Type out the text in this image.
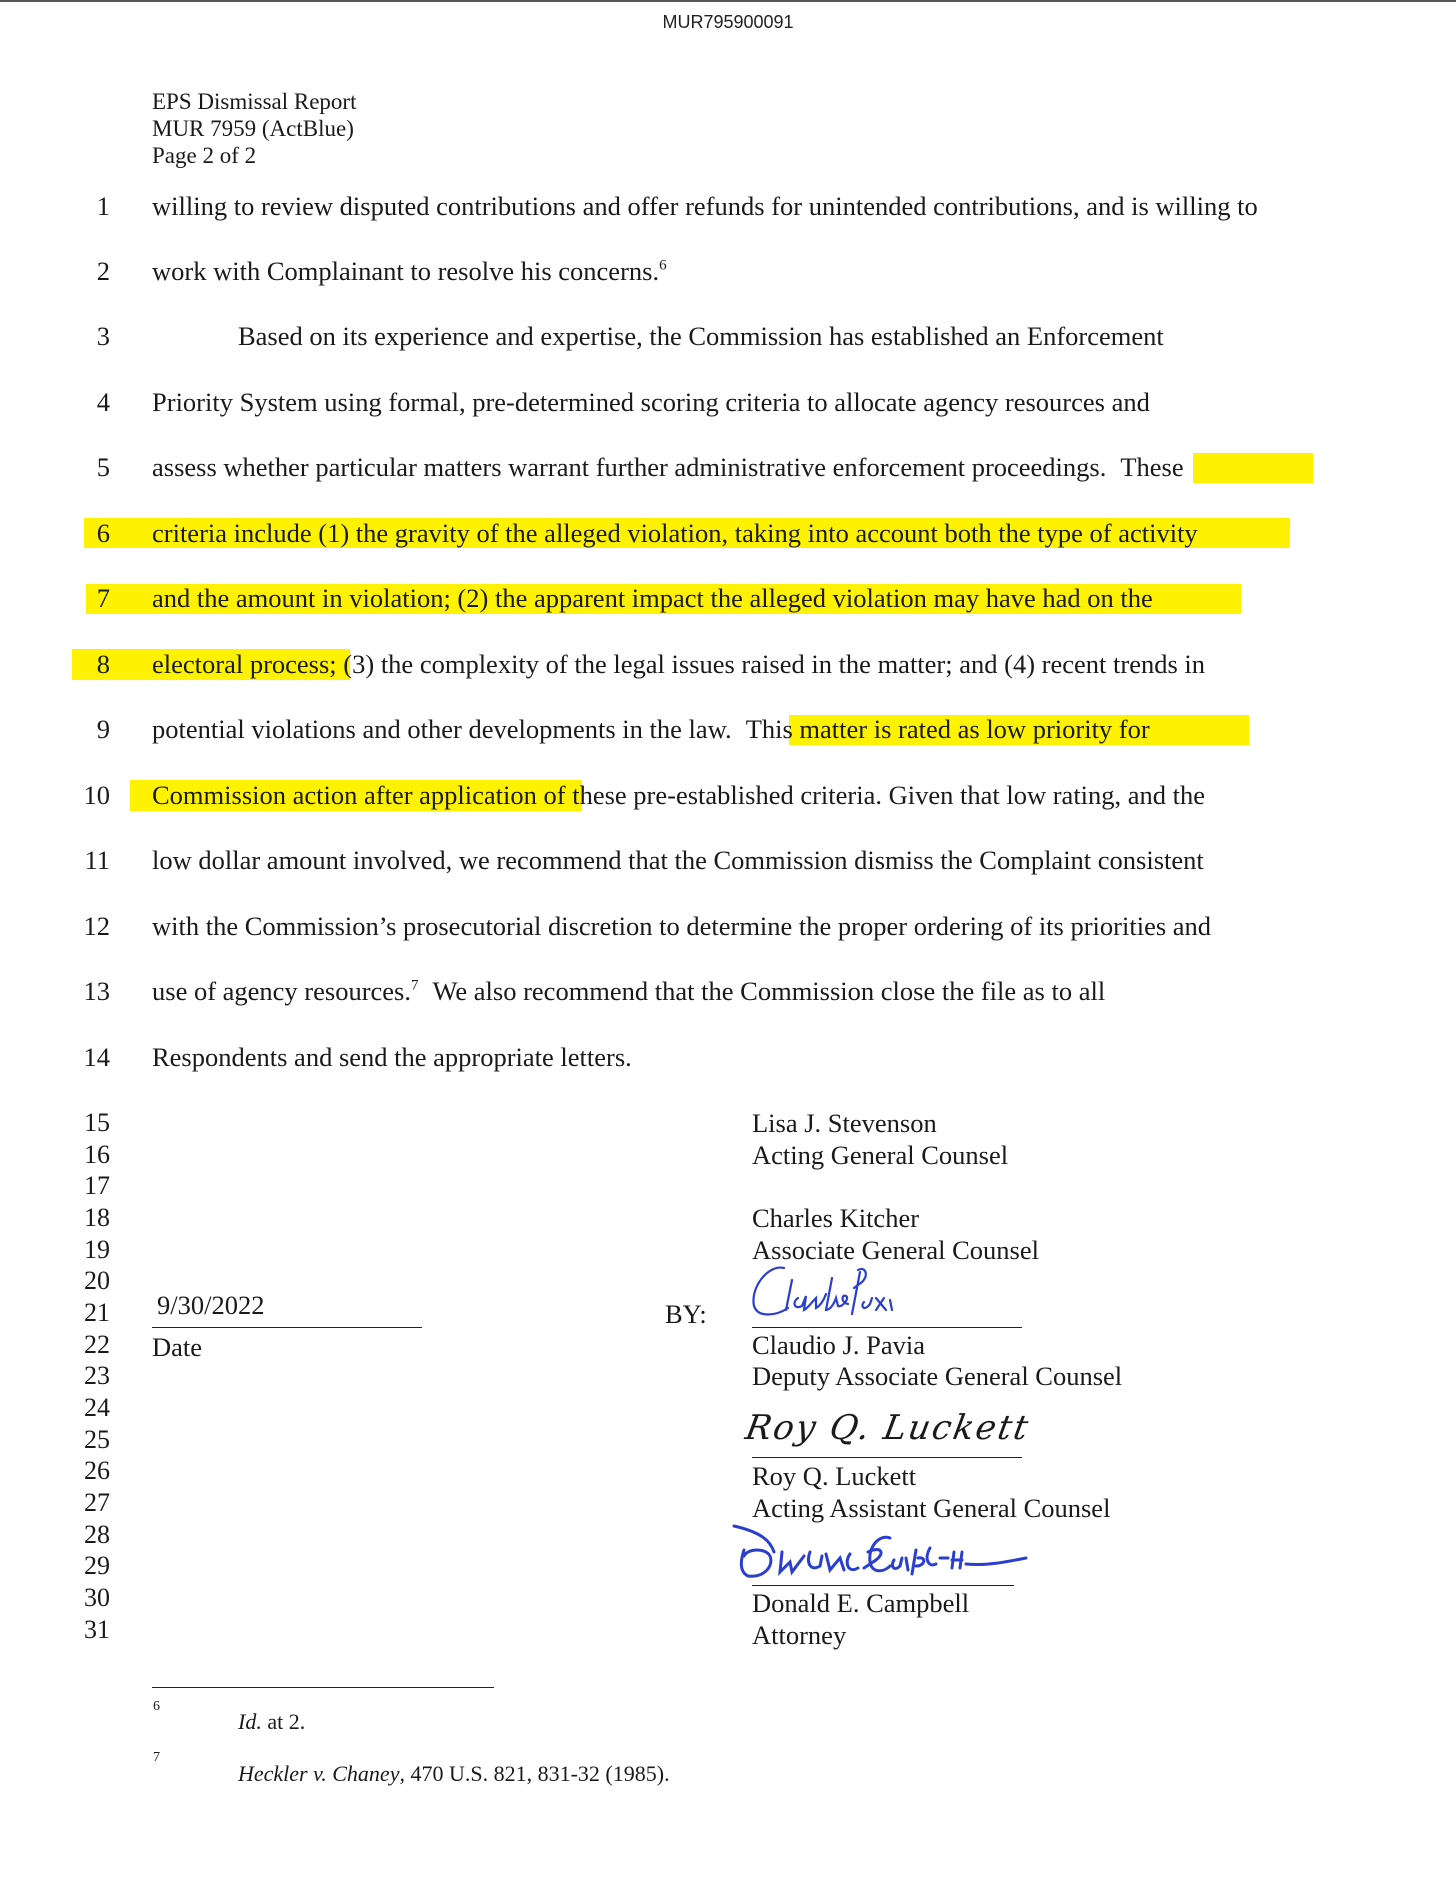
MUR795900091
EPS Dismissal Report
MUR 7959 (ActBlue)
Page 2 of 2
1
2
3
4
5
6
7
8
9
10
11
12
13
14
willing to review disputed contributions and offer refunds for unintended contributions, and is willing to
work with Complainant to resolve his concerns.$^6$
Based on its experience and expertise, the Commission has established an Enforcement
Priority System using formal, pre-determined scoring criteria to allocate agency resources and
assess whether particular matters warrant further administrative enforcement proceedings. These
criteria include (1) the gravity of the alleged violation, taking into account both the type of activity
and the amount in violation; (2) the apparent impact the alleged violation may have had on the
electoral process; (3) the complexity of the legal issues raised in the matter; and (4) recent trends in
potential violations and other developments in the law. This matter is rated as low priority for
Commission action after application of these pre-established criteria. Given that low rating, and the
low dollar amount involved, we recommend that the Commission dismiss the Complaint consistent
with the Commission’s prosecutorial discretion to determine the proper ordering of its priorities and
use of agency resources.$^7$ We also recommend that the Commission close the file as to all
Respondents and send the appropriate letters.
15
16
17
18
19
20
21
22
23
24
25
26
27
28
29
30
31
Lisa J. Stevenson
Acting General Counsel
Charles Kitcher
Associate General Counsel
9/30/2022
Date
BY:
Claudio J. Pavia
Deputy Associate General Counsel
Roy Q. Luckett
Roy Q. Luckett
Acting Assistant General Counsel
Donald E. Campbell
Attorney
6
Id. at 2.
7
Heckler v. Chaney, 470 U.S. 821, 831-32 (1985).
